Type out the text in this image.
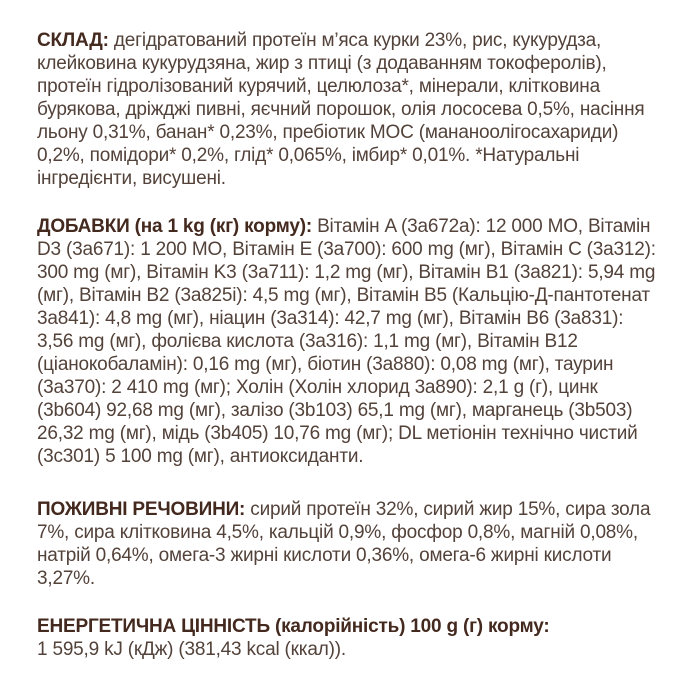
СКЛАД: дегідратований протеїн м’яса курки 23%, рис, кукурудза, клейковина кукурудзяна, жир з птиці (з додаванням токоферолів), протеїн гідролізований курячий, целюлоза*, мінерали, клітковина бурякова, дріжджі пивні, яєчний порошок, олія лососева 0,5%, насіння льону 0,31%, банан* 0,23%, пребіотик МОС (мананоолігосахариди) 0,2%, помідори* 0,2%, глід* 0,065%, імбир* 0,01%. *Натуральні інгредієнти, висушені.

ДОБАВКИ (на 1 kg (кг) корму): Вітамін A (3a672a): 12 000 МО, Вітамін D3 (3a671): 1 200 МО, Вітамін E (3a700): 600 mg (мг), Вітамін C (3a312): 300 mg (мг), Вітамін K3 (3a711): 1,2 mg (мг), Вітамін B1 (3a821): 5,94 mg (мг), Вітамін B2 (3a825i): 4,5 mg (мг), Вітамін B5 (Кальцію-Д-пантотенат 3a841): 4,8 mg (мг), ніацин (3a314): 42,7 mg (мг), Вітамін B6 (3a831): 3,56 mg (мг), фолієва кислота (3a316): 1,1 mg (мг), Вітамін B12 (ціанокобаламін): 0,16 mg (мг), біотин (3a880): 0,08 mg (мг), таурин (3a370): 2 410 mg (мг); Холін (Холін хлорид 3a890): 2,1 g (г), цинк (3b604) 92,68 mg (мг), залізо (3b103) 65,1 mg (мг), марганець (3b503) 26,32 mg (мг), мідь (3b405) 10,76 mg (мг); DL метіонін технічно чистий (3c301) 5 100 mg (мг), антиоксиданти.

ПОЖИВНІ РЕЧОВИНИ: сирий протеїн 32%, сирий жир 15%, сира зола 7%, сира клітковина 4,5%, кальцій 0,9%, фосфор 0,8%, магній 0,08%, натрій 0,64%, омега-3 жирні кислоти 0,36%, омега-6 жирні кислоти 3,27%.

ЕНЕРГЕТИЧНА ЦІННІСТЬ (калорійність) 100 g (г) корму:
1 595,9 kJ (кДж) (381,43 kcal (ккал)).
